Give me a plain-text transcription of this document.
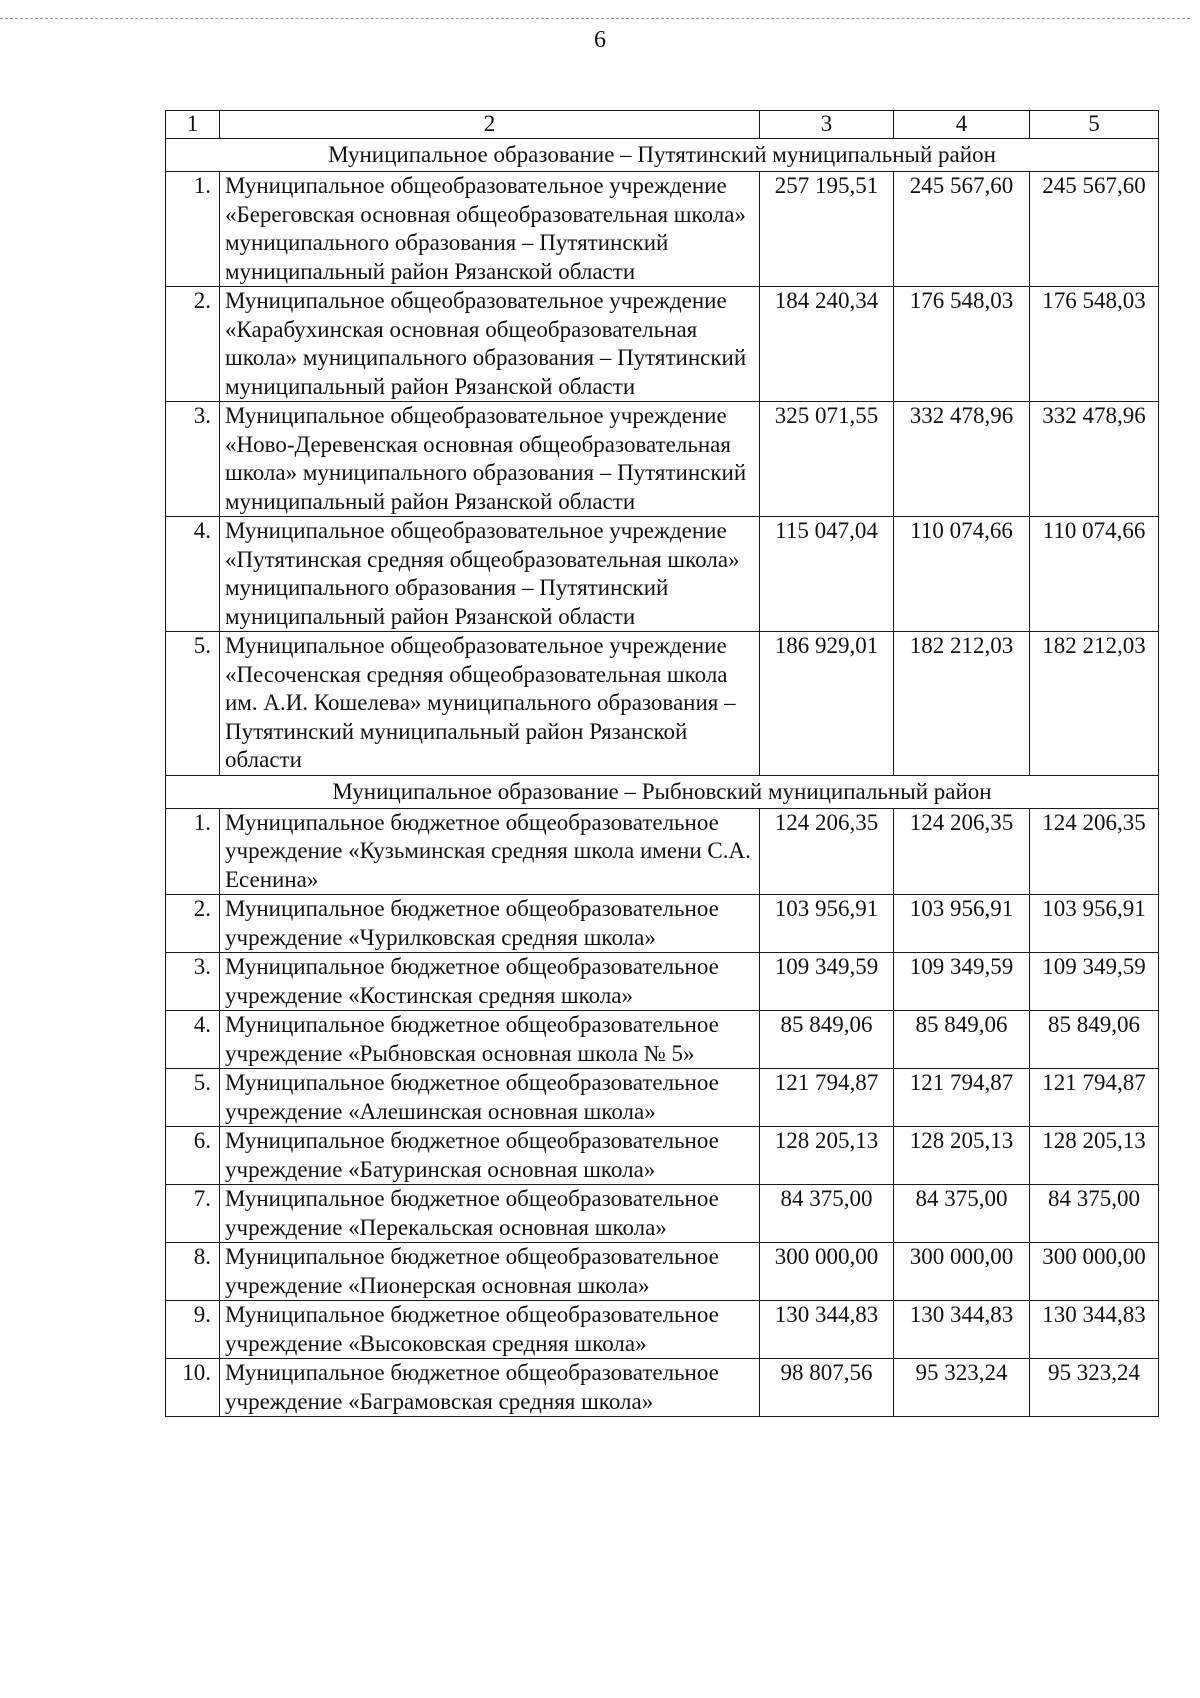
6
1	2	3	4	5
Муниципальное образование – Путятинский муниципальный район				
1.	Муниципальное общеобразовательное учреждение «Береговская основная общеобразовательная школа» муниципального образования – Путятинский муниципальный район Рязанской области	257 195,51	245 567,60	245 567,60
2.	Муниципальное общеобразовательное учреждение «Карабухинская основная общеобразовательная школа» муниципального образования – Путятинский муниципальный район Рязанской области	184 240,34	176 548,03	176 548,03
3.	Муниципальное общеобразовательное учреждение «Ново-Деревенская основная общеобразовательная школа» муниципального образования – Путятинский муниципальный район Рязанской области	325 071,55	332 478,96	332 478,96
4.	Муниципальное общеобразовательное учреждение «Путятинская средняя общеобразовательная школа» муниципального образования – Путятинский муниципальный район Рязанской области	115 047,04	110 074,66	110 074,66
5.	Муниципальное общеобразовательное учреждение «Песоченская средняя общеобразовательная школа им. А.И. Кошелева» муниципального образования – Путятинский муниципальный район Рязанской области	186 929,01	182 212,03	182 212,03
Муниципальное образование – Рыбновский муниципальный район				
1.	Муниципальное бюджетное общеобразовательное учреждение «Кузьминская средняя школа имени С.А. Есенина»	124 206,35	124 206,35	124 206,35
2.	Муниципальное бюджетное общеобразовательное учреждение «Чурилковская средняя школа»	103 956,91	103 956,91	103 956,91
3.	Муниципальное бюджетное общеобразовательное учреждение «Костинская средняя школа»	109 349,59	109 349,59	109 349,59
4.	Муниципальное бюджетное общеобразовательное учреждение «Рыбновская основная школа № 5»	85 849,06	85 849,06	85 849,06
5.	Муниципальное бюджетное общеобразовательное учреждение «Алешинская основная школа»	121 794,87	121 794,87	121 794,87
6.	Муниципальное бюджетное общеобразовательное учреждение «Батуринская основная школа»	128 205,13	128 205,13	128 205,13
7.	Муниципальное бюджетное общеобразовательное учреждение «Перекальская основная школа»	84 375,00	84 375,00	84 375,00
8.	Муниципальное бюджетное общеобразовательное учреждение «Пионерская основная школа»	300 000,00	300 000,00	300 000,00
9.	Муниципальное бюджетное общеобразовательное учреждение «Высоковская средняя школа»	130 344,83	130 344,83	130 344,83
10.	Муниципальное бюджетное общеобразовательное учреждение «Баграмовская средняя школа»	98 807,56	95 323,24	95 323,24
